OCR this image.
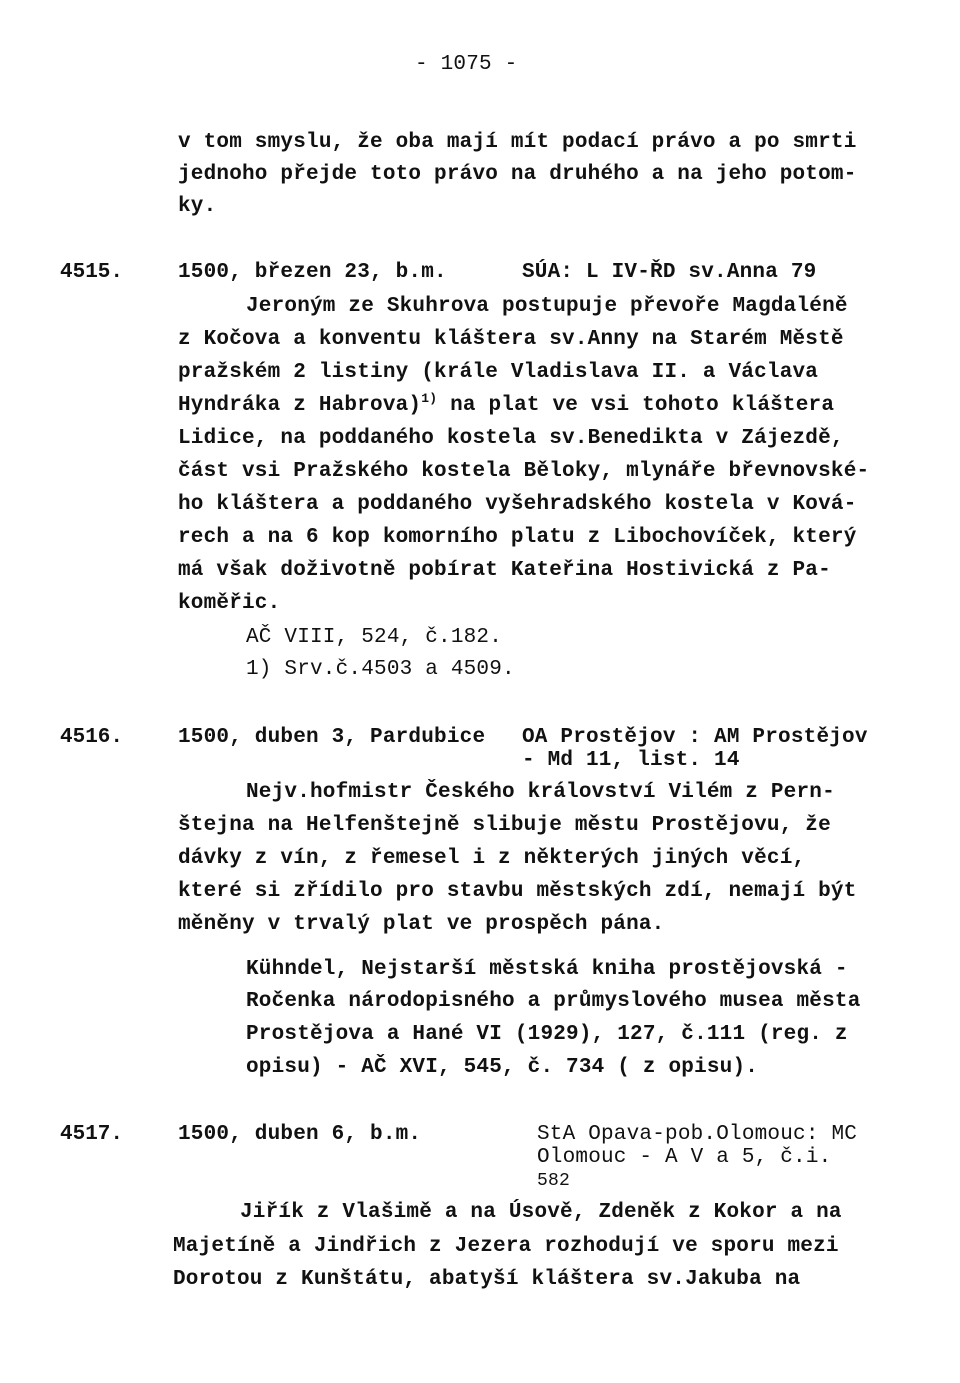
- 1075 -
v tom smyslu, že oba mají mít podací právo a po smrti
jednoho přejde toto právo na druhého a na jeho potom-
ky.
4515.	1500, březen 23, b.m.	SÚA: L IV-ŘD sv.Anna 79
Jeroným ze Skuhrova postupuje převoře Magdaléně
z Kočova a konventu kláštera sv.Anny na Starém Městě
pražském 2 listiny (krále Vladislava II. a Václava
Hyndráka z Habrova)$^{1)}$ na plat ve vsi tohoto kláštera
Lidice, na poddaného kostela sv.Benedikta v Zájezdě,
část vsi Pražského kostela Běloky, mlynáře břevnovské-
ho kláštera a poddaného vyšehradského kostela v Ková-
rech a na 6 kop komorního platu z Libochovíček, který
má však doživotně pobírat Kateřina Hostivická z Pa-
koměřic.
AČ VIII, 524, č.182.
1) Srv.č.4503 a 4509.
4516.	1500, duben 3, Pardubice OA Prostějov : AM Prostějov
- Md 11, list. 14
Nejv.hofmistr Českého království Vilém z Pern-
štejna na Helfenštejně slibuje městu Prostějovu, že
dávky z vín, z řemesel i z některých jiných věcí,
které si zřídilo pro stavbu městských zdí, nemají být
měněny v trvalý plat ve prospěch pána.
Kühndel, Nejstarší městská kniha prostějovská -
Ročenka národopisného a průmyslového musea města
Prostějova a Hané VI (1929), 127, č.111 (reg. z
opisu) - AČ XVI, 545, č. 734 ( z opisu).
4517.	1500, duben 6, b.m.	StA Opava-pob.Olomouc: MC
Olomouc - A V a 5, č.i.
582
Jiřík z Vlašimě a na Úsově, Zdeněk z Kokor a na
Majetíně a Jindřich z Jezera rozhodují ve sporu mezi
Dorotou z Kunštátu, abatyší kláštera sv.Jakuba na
